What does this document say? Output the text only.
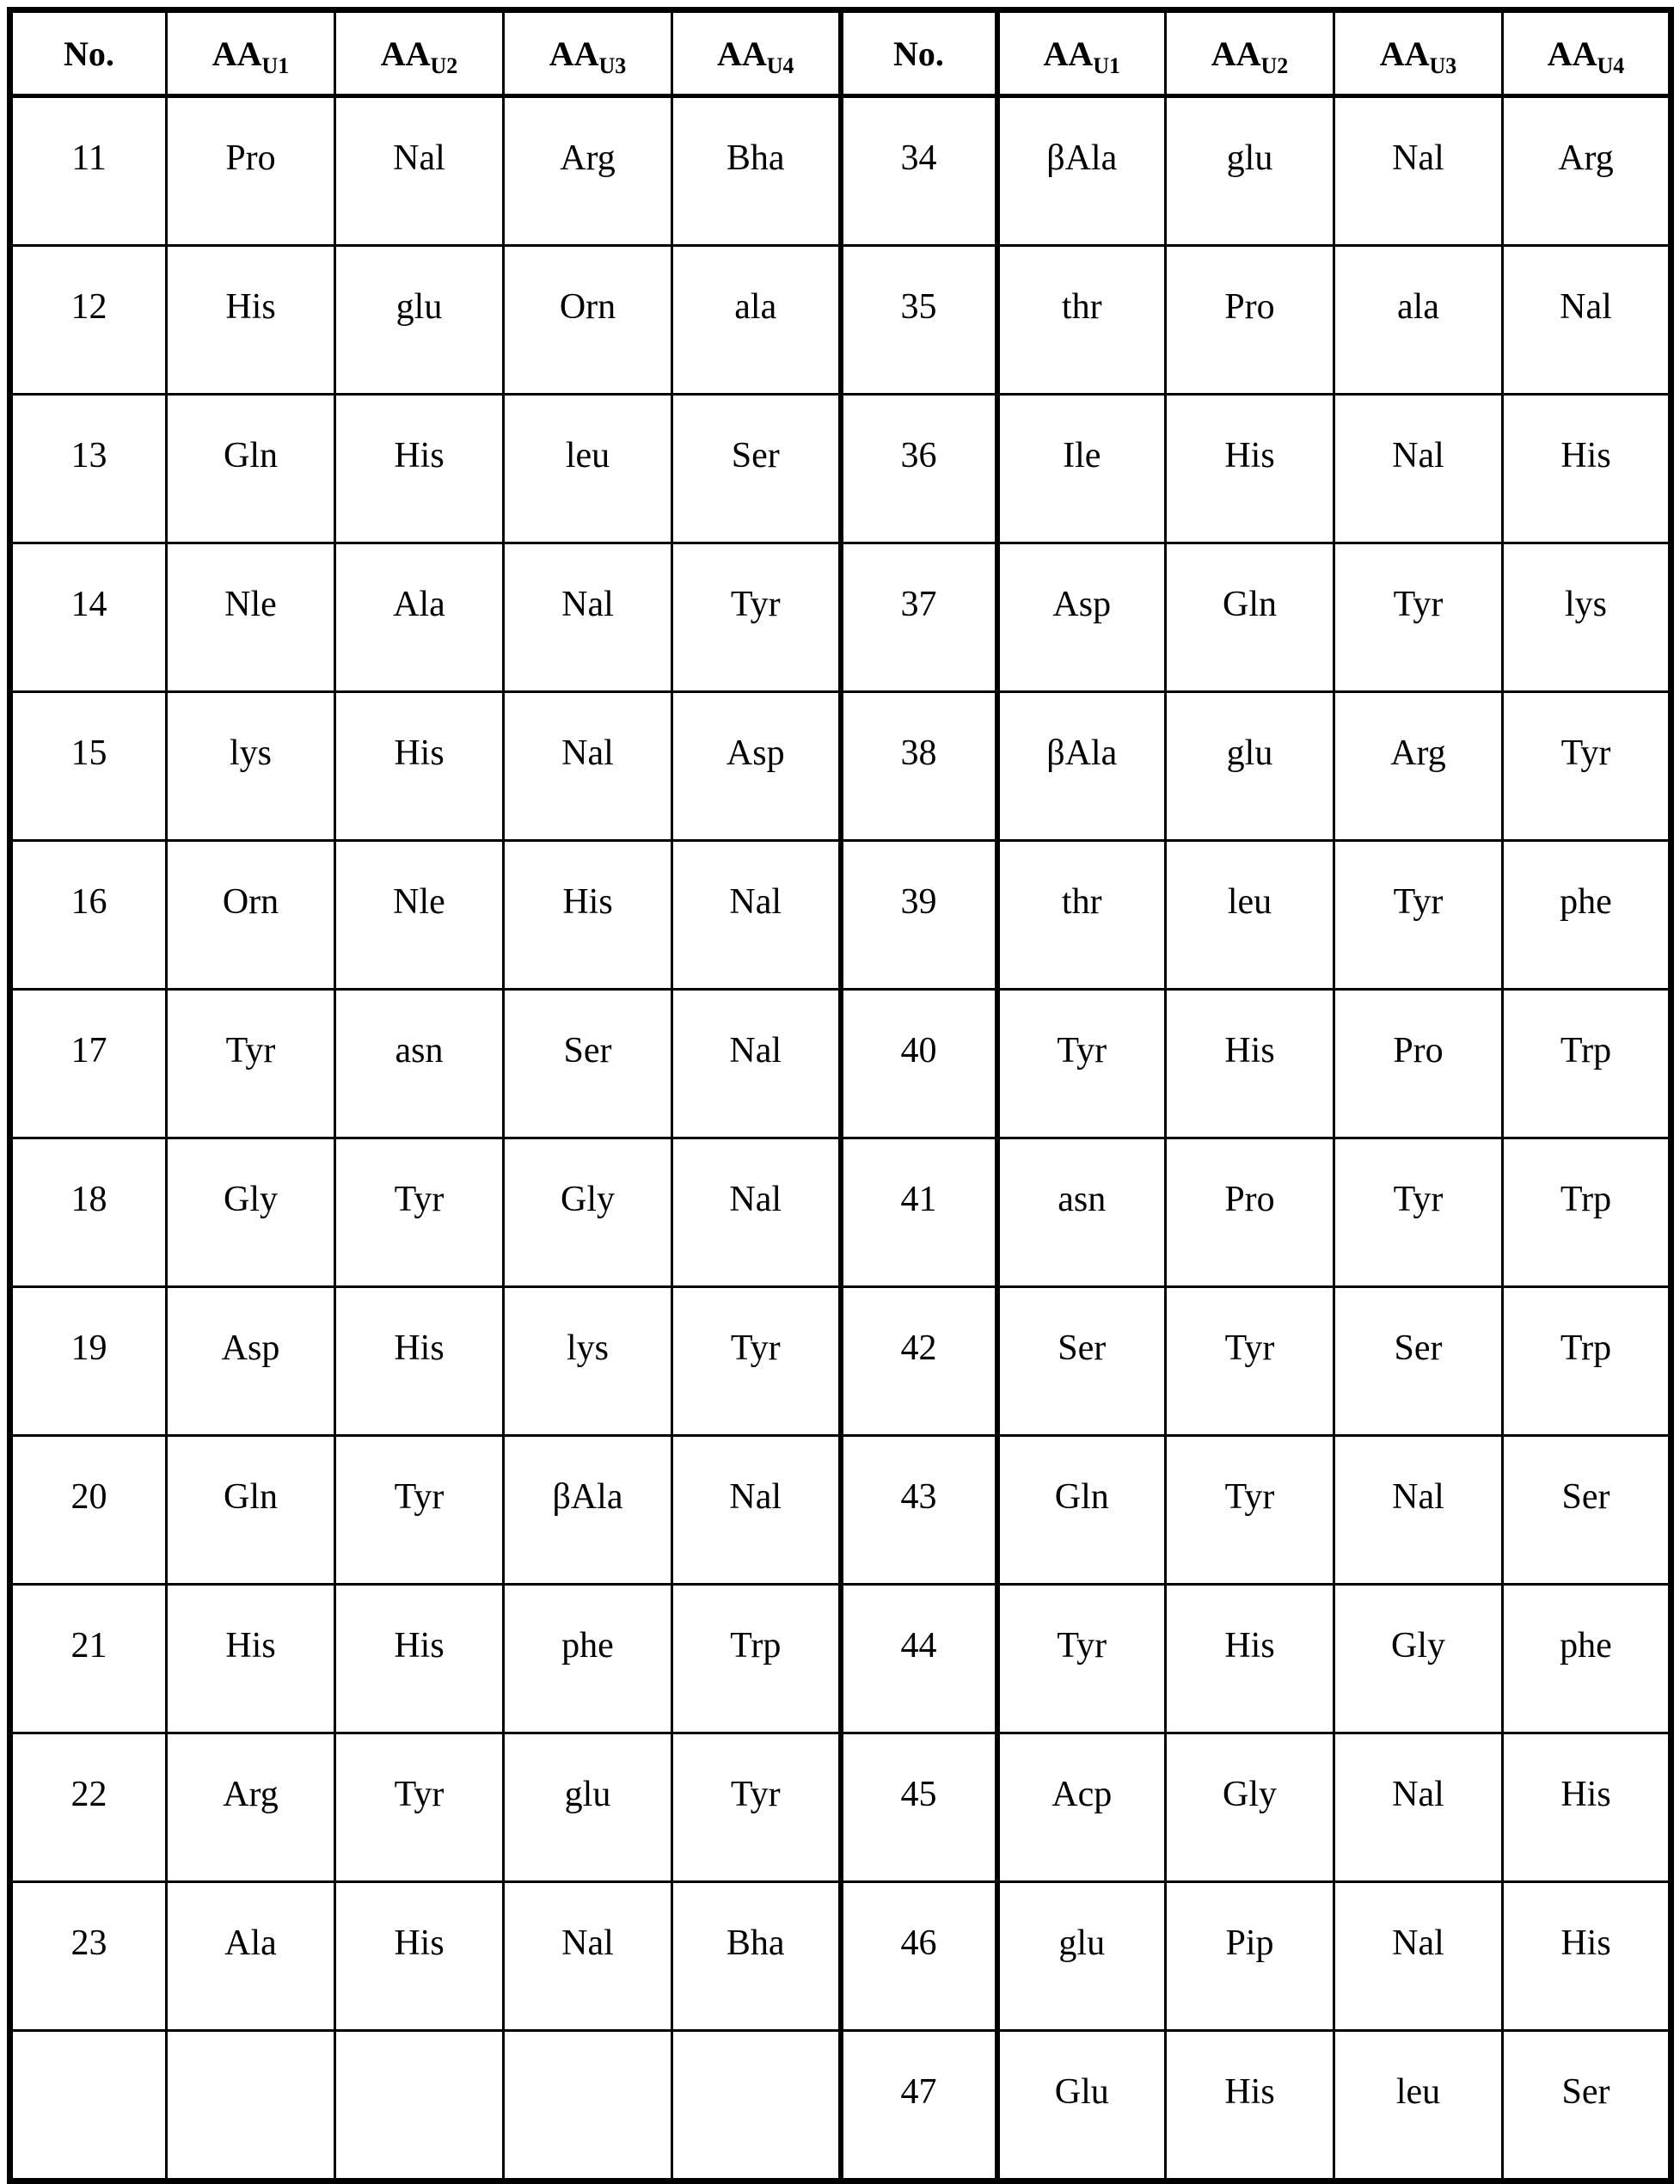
No.	$AA_{U1}$	$AA_{U2}$	$AA_{U3}$	$AA_{U4}$	No.	$AA_{U1}$	$AA_{U2}$	$AA_{U3}$	$AA_{U4}$
11	Pro	Nal	Arg	Bha	34	βAla	glu	Nal	Arg
12	His	glu	Orn	ala	35	thr	Pro	ala	Nal
13	Gln	His	leu	Ser	36	Ile	His	Nal	His
14	Nle	Ala	Nal	Tyr	37	Asp	Gln	Tyr	lys
15	lys	His	Nal	Asp	38	βAla	glu	Arg	Tyr
16	Orn	Nle	His	Nal	39	thr	leu	Tyr	phe
17	Tyr	asn	Ser	Nal	40	Tyr	His	Pro	Trp
18	Gly	Tyr	Gly	Nal	41	asn	Pro	Tyr	Trp
19	Asp	His	lys	Tyr	42	Ser	Tyr	Ser	Trp
20	Gln	Tyr	βAla	Nal	43	Gln	Tyr	Nal	Ser
21	His	His	phe	Trp	44	Tyr	His	Gly	phe
22	Arg	Tyr	glu	Tyr	45	Acp	Gly	Nal	His
23	Ala	His	Nal	Bha	46	glu	Pip	Nal	His
					47	Glu	His	leu	Ser
